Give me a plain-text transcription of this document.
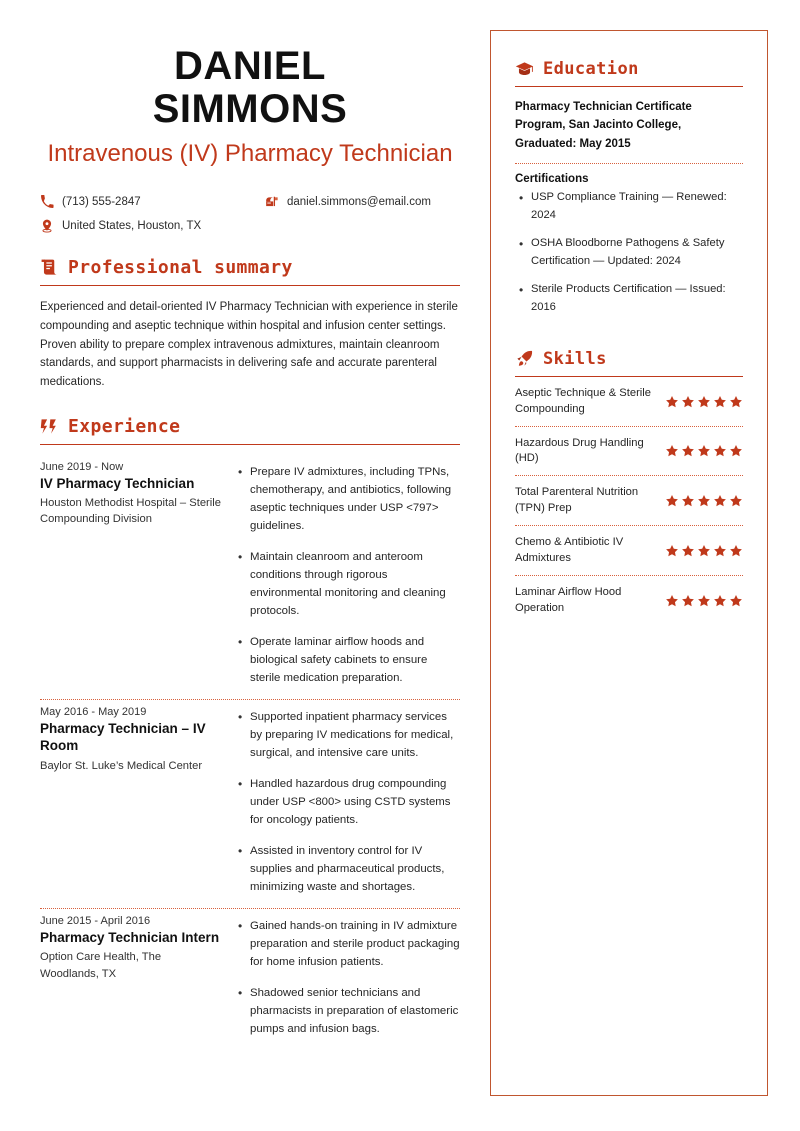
DANIEL
SIMMONS
Intravenous (IV) Pharmacy Technician
(713) 555-2847	daniel.simmons@email.com
United States, Houston, TX
Professional summary

Experienced and detail-oriented IV Pharmacy Technician with experience in sterile compounding and aseptic technique within hospital and infusion center settings. Proven ability to prepare complex intravenous admixtures, maintain cleanroom standards, and support pharmacists in delivering safe and accurate parenteral medications.

Experience
June 2019 - Now
IV Pharmacy Technician
Houston Methodist Hospital – Sterile Compounding Division
• Prepare IV admixtures, including TPNs, chemotherapy, and antibiotics, following aseptic techniques under USP <797> guidelines.
• Maintain cleanroom and anteroom conditions through rigorous environmental monitoring and cleaning protocols.
• Operate laminar airflow hoods and biological safety cabinets to ensure sterile medication preparation.
May 2016 - May 2019
Pharmacy Technician – IV Room
Baylor St. Luke’s Medical Center
• Supported inpatient pharmacy services by preparing IV medications for medical, surgical, and intensive care units.
• Handled hazardous drug compounding under USP <800> using CSTD systems for oncology patients.
• Assisted in inventory control for IV supplies and pharmaceutical products, minimizing waste and shortages.
June 2015 - April 2016
Pharmacy Technician Intern
Option Care Health, The Woodlands, TX
• Gained hands-on training in IV admixture preparation and sterile product packaging for home infusion patients.
• Shadowed senior technicians and pharmacists in preparation of elastomeric pumps and infusion bags.
Education
Pharmacy Technician Certificate Program, San Jacinto College, Graduated: May 2015
Certifications
• USP Compliance Training — Renewed: 2024
• OSHA Bloodborne Pathogens & Safety Certification — Updated: 2024
• Sterile Products Certification — Issued: 2016
Skills
Aseptic Technique & Sterile Compounding
Hazardous Drug Handling (HD)
Total Parenteral Nutrition (TPN) Prep
Chemo & Antibiotic IV Admixtures
Laminar Airflow Hood Operation
